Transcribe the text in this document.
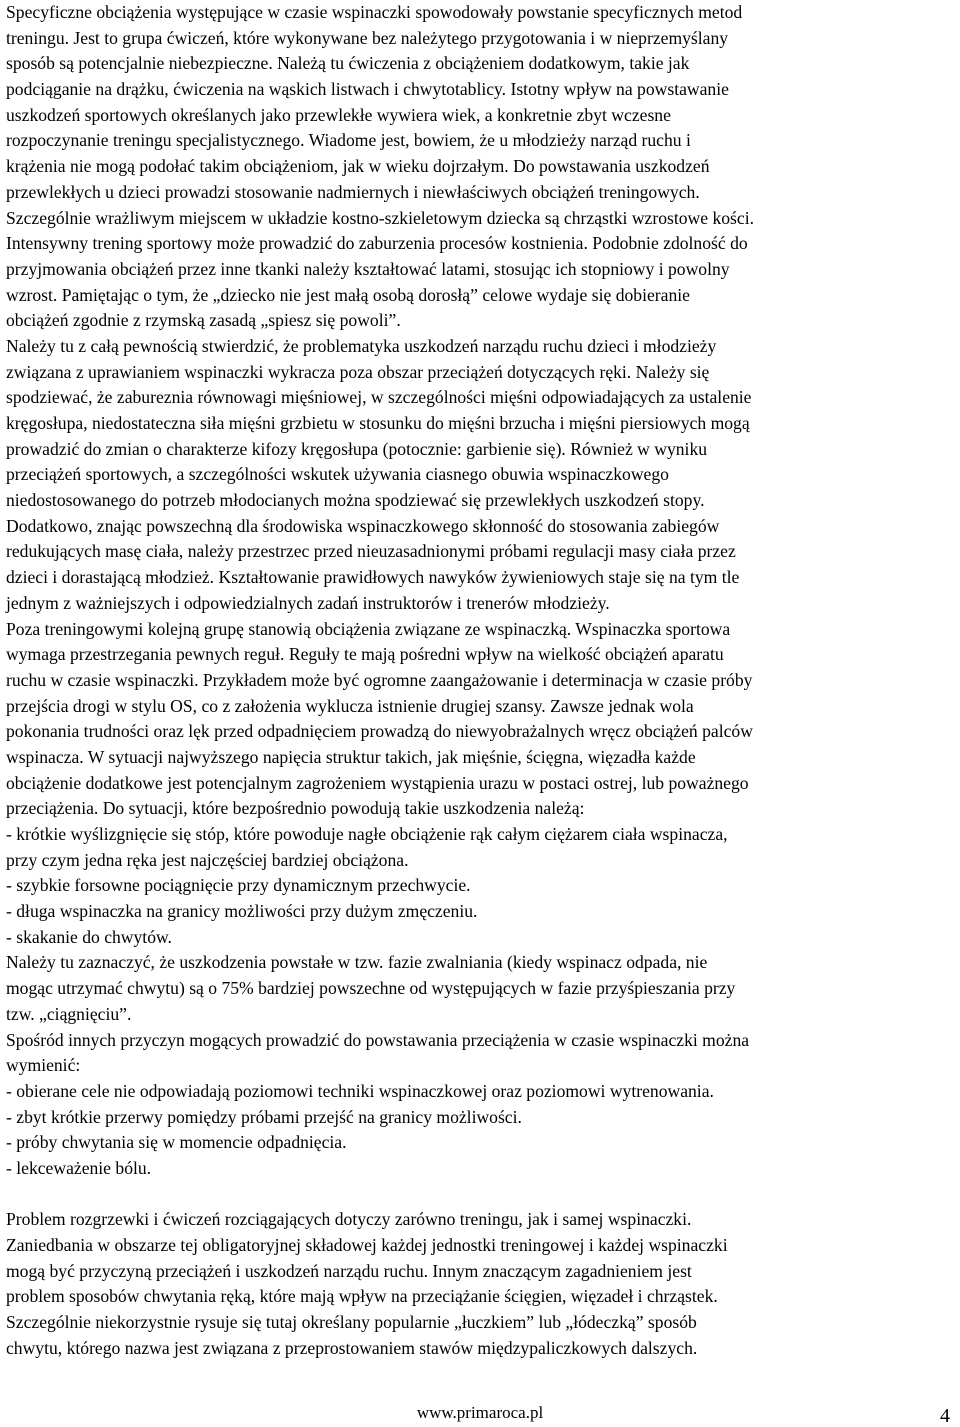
Specyficzne obciążenia występujące w czasie wspinaczki spowodowały powstanie specyficznych metod
treningu. Jest to grupa ćwiczeń, które wykonywane bez należytego przygotowania i w nieprzemyślany
sposób są potencjalnie niebezpieczne. Należą tu ćwiczenia z obciążeniem dodatkowym, takie jak
podciąganie na drążku, ćwiczenia na wąskich listwach i chwytotablicy. Istotny wpływ na powstawanie
uszkodzeń sportowych określanych jako przewlekłe wywiera wiek, a konkretnie zbyt wczesne
rozpoczynanie treningu specjalistycznego. Wiadome jest, bowiem, że u młodzieży narząd ruchu i
krążenia nie mogą podołać takim obciążeniom, jak w wieku dojrzałym. Do powstawania uszkodzeń
przewlekłych u dzieci prowadzi stosowanie nadmiernych i niewłaściwych obciążeń treningowych.
Szczególnie wrażliwym miejscem w układzie kostno-szkieletowym dziecka są chrząstki wzrostowe kości.
Intensywny trening sportowy może prowadzić do zaburzenia procesów kostnienia. Podobnie zdolność do
przyjmowania obciążeń przez inne tkanki należy kształtować latami, stosując ich stopniowy i powolny
wzrost. Pamiętając o tym, że „dziecko nie jest małą osobą dorosłą” celowe wydaje się dobieranie
obciążeń zgodnie z rzymską zasadą „spiesz się powoli”.
Należy tu z całą pewnością stwierdzić, że problematyka uszkodzeń narządu ruchu dzieci i młodzieży
związana z uprawianiem wspinaczki wykracza poza obszar przeciążeń dotyczących ręki. Należy się
spodziewać, że zabureznia równowagi mięśniowej, w szczególności mięśni odpowiadających za ustalenie
kręgosłupa, niedostateczna siła mięśni grzbietu w stosunku do mięśni brzucha i mięśni piersiowych mogą
prowadzić do zmian o charakterze kifozy kręgosłupa (potocznie: garbienie się). Również w wyniku
przeciążeń sportowych, a szczególności wskutek używania ciasnego obuwia wspinaczkowego
niedostosowanego do potrzeb młodocianych można spodziewać się przewlekłych uszkodzeń stopy.
Dodatkowo, znając powszechną dla środowiska wspinaczkowego skłonność do stosowania zabiegów
redukujących masę ciała, należy przestrzec przed nieuzasadnionymi próbami regulacji masy ciała przez
dzieci i dorastającą młodzież. Kształtowanie prawidłowych nawyków żywieniowych staje się na tym tle
jednym z ważniejszych i odpowiedzialnych zadań instruktorów i trenerów młodzieży.
Poza treningowymi kolejną grupę stanowią obciążenia związane ze wspinaczką. Wspinaczka sportowa
wymaga przestrzegania pewnych reguł. Reguły te mają pośredni wpływ na wielkość obciążeń aparatu
ruchu w czasie wspinaczki. Przykładem może być ogromne zaangażowanie i determinacja w czasie próby
przejścia drogi w stylu OS, co z założenia wyklucza istnienie drugiej szansy. Zawsze jednak wola
pokonania trudności oraz lęk przed odpadnięciem prowadzą do niewyobrażalnych wręcz obciążeń palców
wspinacza. W sytuacji najwyższego napięcia struktur takich, jak mięśnie, ścięgna, więzadła każde
obciążenie dodatkowe jest potencjalnym zagrożeniem wystąpienia urazu w postaci ostrej, lub poważnego
przeciążenia. Do sytuacji, które bezpośrednio powodują takie uszkodzenia należą:
- krótkie wyślizgnięcie się stóp, które powoduje nagłe obciążenie rąk całym ciężarem ciała wspinacza,
przy czym jedna ręka jest najczęściej bardziej obciążona.
- szybkie forsowne pociągnięcie przy dynamicznym przechwycie.
- długa wspinaczka na granicy możliwości przy dużym zmęczeniu.
- skakanie do chwytów.
Należy tu zaznaczyć, że uszkodzenia powstałe w tzw. fazie zwalniania (kiedy wspinacz odpada, nie
mogąc utrzymać chwytu) są o 75% bardziej powszechne od występujących w fazie przyśpieszania przy
tzw. „ciągnięciu”.
Spośród innych przyczyn mogących prowadzić do powstawania przeciążenia w czasie wspinaczki można
wymienić:
- obierane cele nie odpowiadają poziomowi techniki wspinaczkowej oraz poziomowi wytrenowania.
- zbyt krótkie przerwy pomiędzy próbami przejść na granicy możliwości.
- próby chwytania się w momencie odpadnięcia.
- lekceważenie bólu.
Problem rozgrzewki i ćwiczeń rozciągających dotyczy zarówno treningu, jak i samej wspinaczki.
Zaniedbania w obszarze tej obligatoryjnej składowej każdej jednostki treningowej i każdej wspinaczki
mogą być przyczyną przeciążeń i uszkodzeń narządu ruchu. Innym znaczącym zagadnieniem jest
problem sposobów chwytania ręką, które mają wpływ na przeciążanie ścięgien, więzadeł i chrząstek.
Szczególnie niekorzystnie rysuje się tutaj określany popularnie „łuczkiem” lub „łódeczką” sposób
chwytu, którego nazwa jest związana z przeprostowaniem stawów międzypaliczkowych dalszych.
www.primaroca.pl	4
